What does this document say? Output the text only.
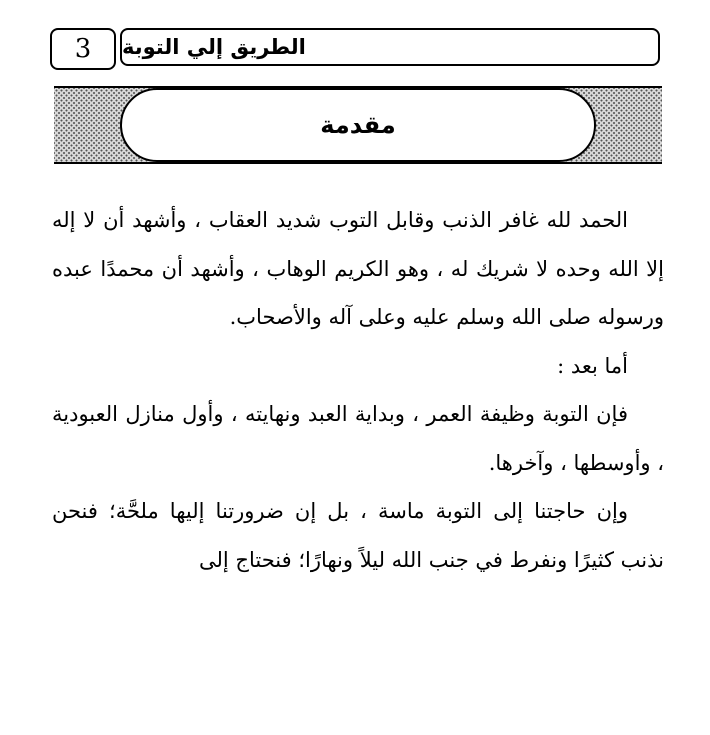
3	الطريق إلي التوبة
مقدمة

الحمد لله غافر الذنب وقابل التوب شديد العقاب ، وأشهد أن لا إله إلا الله وحده لا شريك له ، وهو الكريم الوهاب ، وأشهد أن محمدًا عبده ورسوله صلى الله وسلم عليه وعلى آله والأصحاب.

أما بعد :

فإن التوبة وظيفة العمر ، وبداية العبد ونهايته ، وأول منازل العبودية ، وأوسطها ، وآخرها.

وإن حاجتنا إلى التوبة ماسة ، بل إن ضرورتنا إليها ملحَّة؛ فنحن نذنب كثيرًا ونفرط في جنب الله ليلاً ونهارًا؛ فنحتاج إلى
